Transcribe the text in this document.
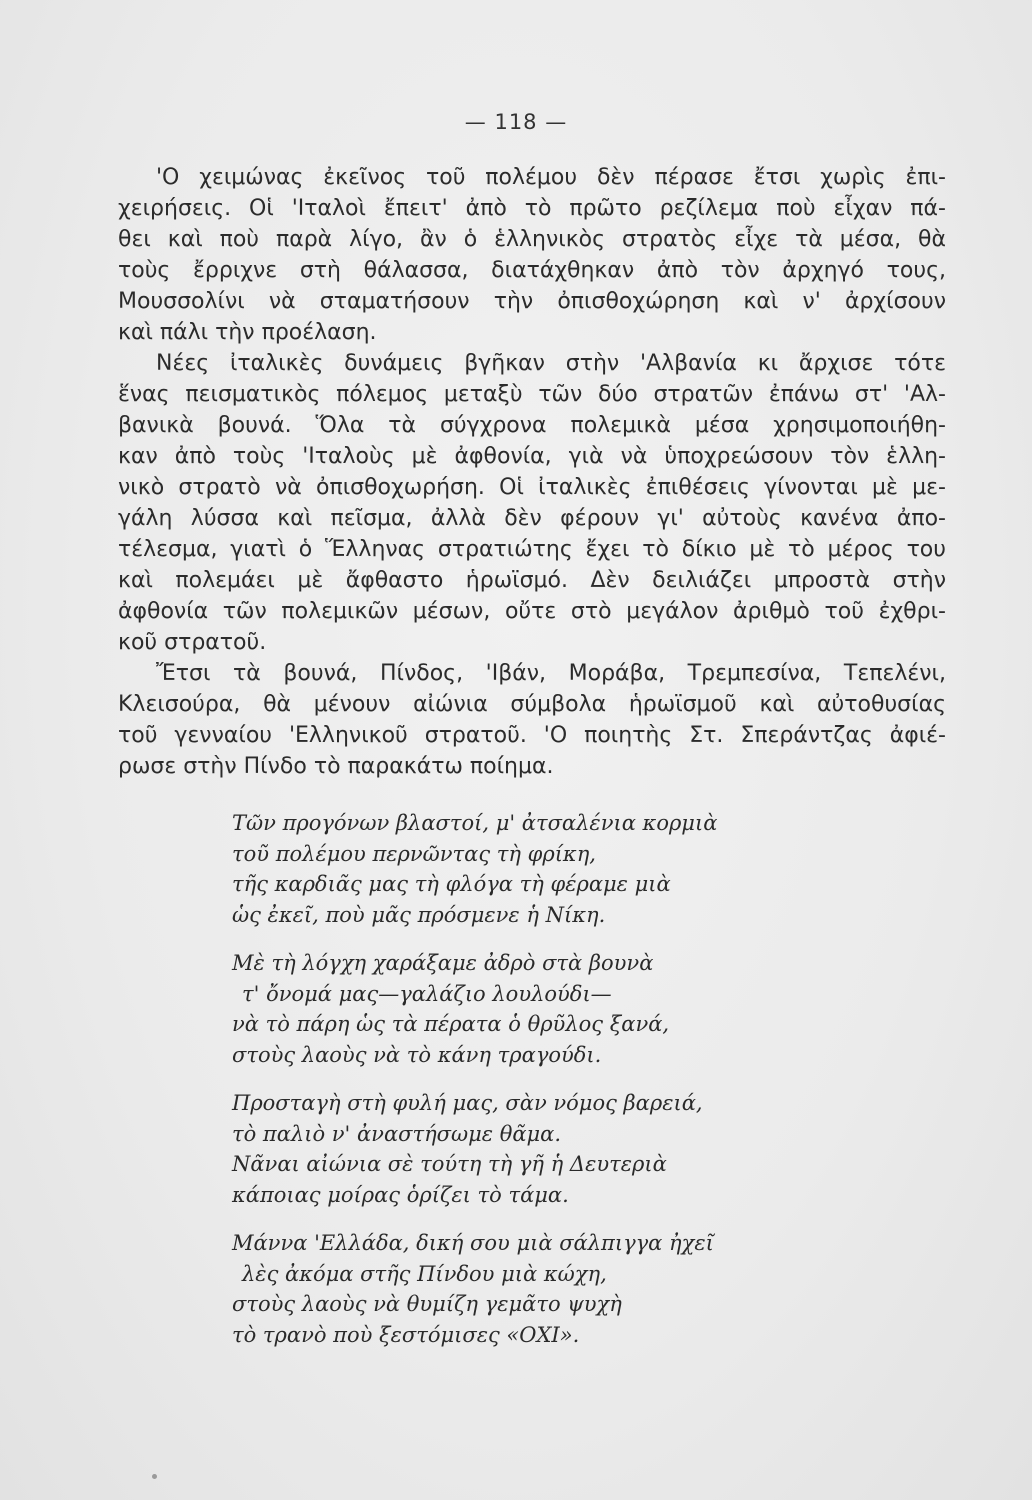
— 118 —
'Ο χειμώνας ἐκεῖνος τοῦ πολέμου δὲν πέρασε ἔτσι χωρὶς ἐπι-
χειρήσεις. Οἱ 'Ιταλοὶ ἔπειτ' ἀπὸ τὸ πρῶτο ρεζίλεμα ποὺ εἶχαν πά-
θει καὶ ποὺ παρὰ λίγο, ἂν ὁ ἑλληνικὸς στρατὸς εἶχε τὰ μέσα, θὰ
τοὺς ἔρριχνε στὴ θάλασσα, διατάχθηκαν ἀπὸ τὸν ἀρχηγό τους,
Μουσσολίνι νὰ σταματήσουν τὴν ὀπισθοχώρηση καὶ ν' ἀρχίσουν
καὶ πάλι τὴν προέλαση.
Νέες ἰταλικὲς δυνάμεις βγῆκαν στὴν 'Αλβανία κι ἄρχισε τότε
ἕνας πεισματικὸς πόλεμος μεταξὺ τῶν δύο στρατῶν ἐπάνω στ' 'Αλ-
βανικὰ βουνά. Ὅλα τὰ σύγχρονα πολεμικὰ μέσα χρησιμοποιήθη-
καν ἀπὸ τοὺς 'Ιταλοὺς μὲ ἀφθονία, γιὰ νὰ ὑποχρεώσουν τὸν ἑλλη-
νικὸ στρατὸ νὰ ὀπισθοχωρήση. Οἱ ἰταλικὲς ἐπιθέσεις γίνονται μὲ με-
γάλη λύσσα καὶ πεῖσμα, ἀλλὰ δὲν φέρουν γι' αὐτοὺς κανένα ἀπο-
τέλεσμα, γιατὶ ὁ Ἕλληνας στρατιώτης ἔχει τὸ δίκιο μὲ τὸ μέρος του
καὶ πολεμάει μὲ ἄφθαστο ἡρωϊσμό. Δὲν δειλιάζει μπροστὰ στὴν
ἀφθονία τῶν πολεμικῶν μέσων, οὔτε στὸ μεγάλον ἀριθμὸ τοῦ ἐχθρι-
κοῦ στρατοῦ.
Ἔτσι τὰ βουνά, Πίνδος, 'Ιβάν, Μοράβα, Τρεμπεσίνα, Τεπελένι,
Κλεισούρα, θὰ μένουν αἰώνια σύμβολα ἡρωϊσμοῦ καὶ αὐτοθυσίας
τοῦ γενναίου 'Ελληνικοῦ στρατοῦ. 'Ο ποιητὴς Στ. Σπεράντζας ἀφιέ-
ρωσε στὴν Πίνδο τὸ παρακάτω ποίημα.
Τῶν προγόνων βλαστοί, μ' ἀτσαλένια κορμιὰ
τοῦ πολέμου περνῶντας τὴ φρίκη,
τῆς καρδιᾶς μας τὴ φλόγα τὴ φέραμε μιὰ
ὡς ἐκεῖ, ποὺ μᾶς πρόσμενε ἡ Νίκη.
Μὲ τὴ λόγχη χαράξαμε ἀδρὸ στὰ βουνὰ
τ' ὄνομά μας—γαλάζιο λουλούδι—
νὰ τὸ πάρη ὡς τὰ πέρατα ὁ θρῦλος ξανά,
στοὺς λαοὺς νὰ τὸ κάνη τραγούδι.
Προσταγὴ στὴ φυλή μας, σὰν νόμος βαρειά,
τὸ παλιὸ ν' ἀναστήσωμε θᾶμα.
Νᾶναι αἰώνια σὲ τούτη τὴ γῆ ἡ Δευτεριὰ
κάποιας μοίρας ὁρίζει τὸ τάμα.
Μάννα 'Ελλάδα, δική σου μιὰ σάλπιγγα ἠχεῖ
λὲς ἀκόμα στῆς Πίνδου μιὰ κώχη,
στοὺς λαοὺς νὰ θυμίζη γεμᾶτο ψυχὴ
τὸ τρανὸ ποὺ ξεστόμισες «ΟΧΙ».
